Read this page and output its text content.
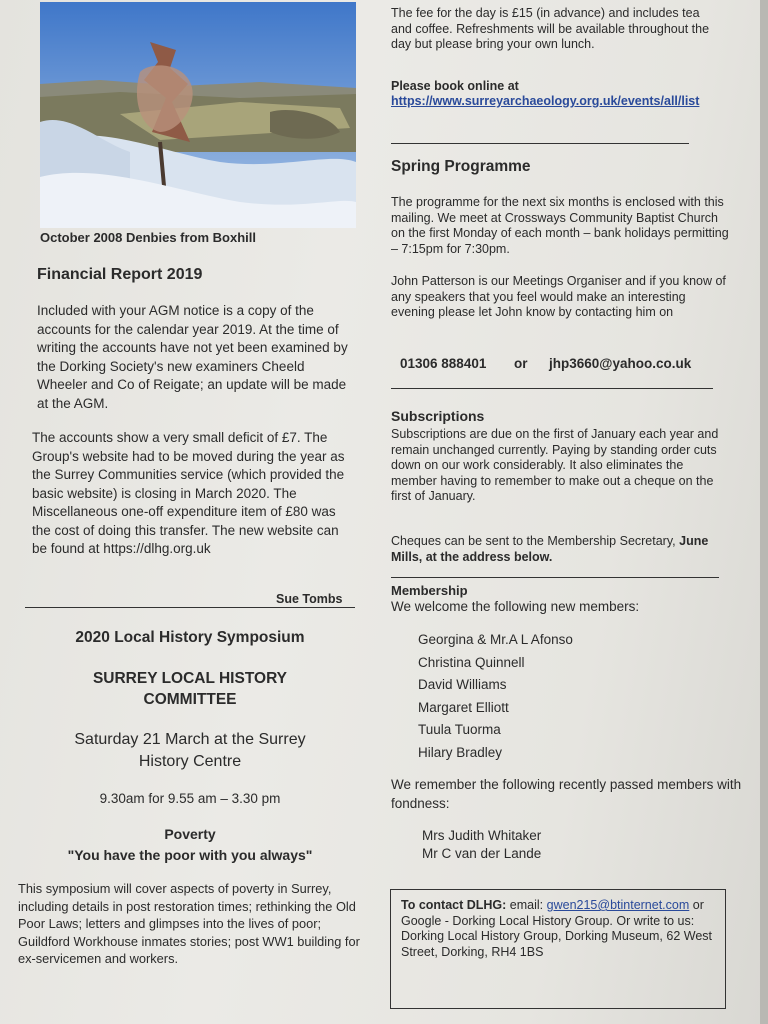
October 2008 Denbies from Boxhill
Financial Report 2019

Included with your AGM notice is a copy of the accounts for the calendar year 2019. At the time of writing the accounts have not yet been examined by the Dorking Society's new examiners Cheeld Wheeler and Co of Reigate; an update will be made at the AGM.

The accounts show a very small deficit of £7. The Group's website had to be moved during the year as the Surrey Communities service (which provided the basic website) is closing in March 2020. The Miscellaneous one-off expenditure item of £80 was the cost of doing this transfer. The new website can be found at https://dlhg.org.uk

Sue Tombs
2020 Local History Symposium
SURREY LOCAL HISTORY
COMMITTEE
Saturday 21 March at the Surrey
History Centre
9.30am for 9.55 am – 3.30 pm
Poverty
"You have the poor with you always"

This symposium will cover aspects of poverty in Surrey, including details in post restoration times; rethinking the Old Poor Laws; letters and glimpses into the lives of poor; Guildford Workhouse inmates stories; post WW1 building for ex-servicemen and workers.

The fee for the day is £15 (in advance) and includes tea and coffee. Refreshments will be available throughout the day but please bring your own lunch.

Please book online at
https://www.surreyarchaeology.org.uk/events/all/list
Spring Programme

The programme for the next six months is enclosed with this mailing. We meet at Crossways Community Baptist Church on the first Monday of each month – bank holidays permitting – 7:15pm for 7:30pm.

John Patterson is our Meetings Organiser and if you know of any speakers that you feel would make an interesting evening please let John know by contacting him on

01306 888401 or jhp3660@yahoo.co.uk
Subscriptions

Subscriptions are due on the first of January each year and remain unchanged currently. Paying by standing order cuts down on our work considerably. It also eliminates the member having to remember to make out a cheque on the first of January.

Cheques can be sent to the Membership Secretary, June Mills, at the address below.

Membership
We welcome the following new members:
Georgina & Mr.A L Afonso
Christina Quinnell
David Williams
Margaret Elliott
Tuula Tuorma
Hilary Bradley

We remember the following recently passed members with fondness:

Mrs Judith Whitaker
Mr C van der Lande
To contact DLHG: email: gwen215@btinternet.com or Google - Dorking Local History Group. Or write to us: Dorking Local History Group, Dorking Museum, 62 West Street, Dorking, RH4 1BS
